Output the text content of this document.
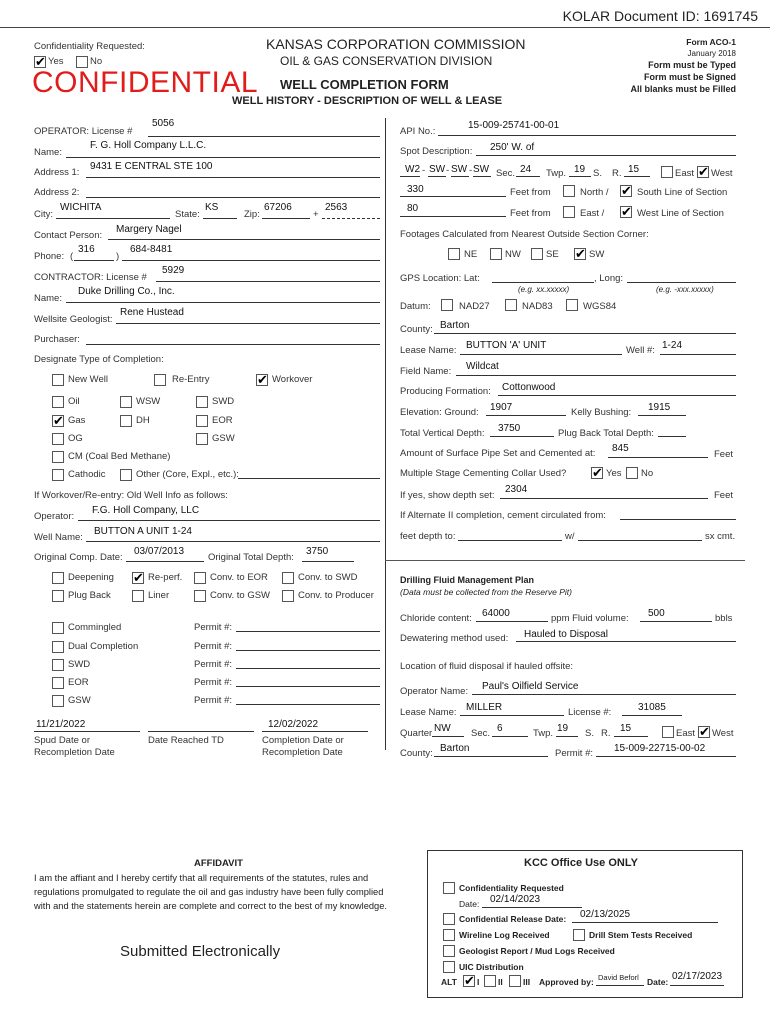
KOLAR Document ID: 1691745
Confidentiality Requested:
✔ Yes	No
CONFIDENTIAL
KANSAS CORPORATION COMMISSION
OIL & GAS CONSERVATION DIVISION
WELL COMPLETION FORM
WELL HISTORY - DESCRIPTION OF WELL & LEASE
Form ACO-1
January 2018
Form must be Typed
Form must be Signed
All blanks must be Filled
OPERATOR: License #
5056
Name:
F. G. Holl Company L.L.C.
Address 1:
9431 E CENTRAL STE 100
Address 2:
City:
WICHITA
State:
KS
Zip:
67206
+
2563
Contact Person:
Margery Nagel
Phone: (
316
)
684-8481
CONTRACTOR: License #
5929
Name:
Duke Drilling Co., Inc.
Wellsite Geologist:
Rene Hustead
Purchaser:
Designate Type of Completion:
New Well	Re-Entry	✔ Workover
Oil	WSW	SWD
✔ Gas	DH	EOR
OG	GSW
CM (Coal Bed Methane)
Cathodic	Other (Core, Expl., etc.):
If Workover/Re-entry: Old Well Info as follows:
Operator:
F.G. Holl Company, LLC
Well Name:
BUTTON A UNIT 1-24
Original Comp. Date:
03/07/2013
Original Total Depth:
3750
Deepening ✔ Re-perf.	Conv. to EOR	Conv. to SWD
Plug Back	Liner	Conv. to GSW	Conv. to Producer
Commingled	Permit #:
Dual Completion	Permit #:
SWD	Permit #:
EOR	Permit #:
GSW	Permit #:
11/21/2022	12/02/2022
Spud Date or
Recompletion Date
Date Reached TD	Completion Date or
Recompletion Date
API No.:
15-009-25741-00-01
Spot Description: 250' W. of
W2 - SW - SW - SW Sec. 24 Twp. 19 S. R. 15	East ✔ West
330	Feet from	North / ✔ South Line of Section
80	Feet from	East / ✔ West Line of Section
Footages Calculated from Nearest Outside Section Corner:
NE	NW	SE ✔ SW
GPS Location: Lat:	, Long:
(e.g. xx.xxxxx)	(e.g. -xxx.xxxxx)
Datum:	NAD27	NAD83	WGS84
County: Barton
Lease Name: BUTTON 'A' UNIT	Well #: 1-24
Field Name: Wildcat
Producing Formation: Cottonwood
Elevation: Ground: 1907	Kelly Bushing: 1915
Total Vertical Depth: 3750	Plug Back Total Depth:
Amount of Surface Pipe Set and Cemented at: 845
Feet
Multiple Stage Cementing Collar Used? ✔ Yes No
If yes, show depth set:
2304
Feet
If Alternate II completion, cement circulated from:
feet depth to:	w/	sx cmt.
Drilling Fluid Management Plan
(Data must be collected from the Reserve Pit)
Chloride content: 64000	ppm Fluid volume: 500	bbls
Dewatering method used: Hauled to Disposal
Location of fluid disposal if hauled offsite:
Operator Name: Paul's Oilfield Service
Lease Name: MILLER	License #:	31085
Quarter NW Sec. 6	Twp. 19 S. R. 15	East ✔ West
County: Barton	Permit #: 15-009-22715-00-02
AFFIDAVIT
I am the affiant and I hereby certify that all requirements of the statutes, rules and
regulations promulgated to regulate the oil and gas industry have been fully complied
with and the statements herein are complete and correct to the best of my knowledge.
Submitted Electronically
KCC Office Use ONLY
Confidentiality Requested
Date: 02/14/2023
Confidential Release Date: 02/13/2025
Wireline Log Received	Drill Stem Tests Received
Geologist Report / Mud Logs Received
UIC Distribution
ALT ✔ I II III Approved by: David Beforl Date: 02/17/2023
